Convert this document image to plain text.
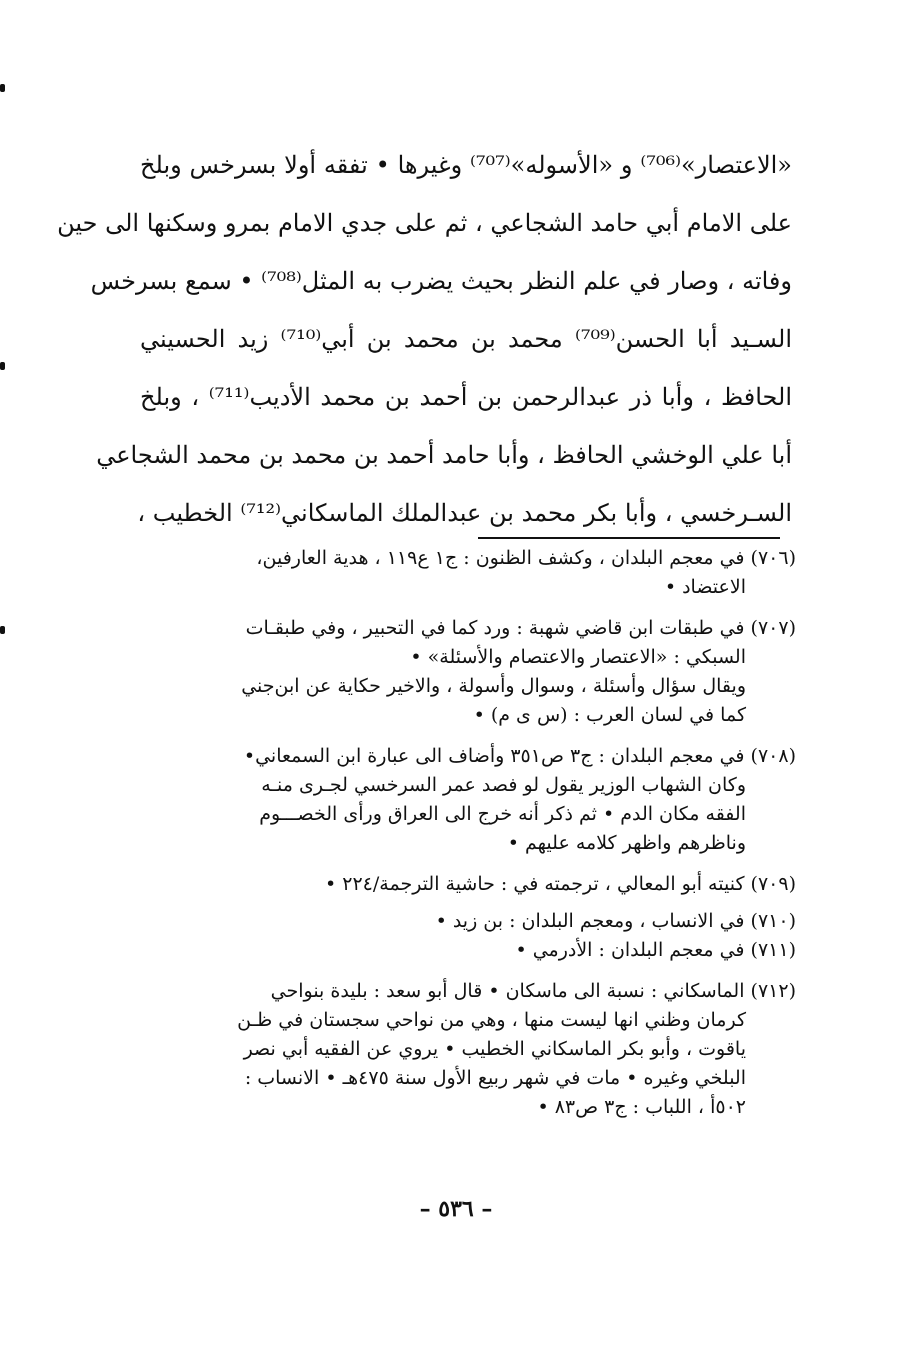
«الاعتصار»⁽⁷⁰⁶⁾ و «الأسوله»⁽⁷⁰⁷⁾ وغيرها • تفقه أولا بسرخس وبلخ
على الامام أبي حامد الشجاعي ، ثم على جدي الامام بمرو وسكنها الى حين
وفاته ، وصار في علم النظر بحيث يضرب به المثل⁽⁷⁰⁸⁾ • سمع بسرخس
السـيد أبا الحسن⁽⁷⁰⁹⁾ محمد بن محمد بن أبي⁽⁷¹⁰⁾ زيد الحسيني
الحافظ ، وأبا ذر عبدالرحمن بن أحمد بن محمد الأديب⁽⁷¹¹⁾ ، وبلخ
أبا علي الوخشي الحافظ ، وأبا حامد أحمد بن محمد بن محمد الشجاعي
السـرخسي ، وأبا بكر محمد بن عبدالملك الماسكاني⁽⁷¹²⁾ الخطيب ،
(٧٠٦) في معجم البلدان ، وكشف الظنون : ج١ ع١١٩ ، هدية العارفين،
الاعتضاد •
(٧٠٧) في طبقات ابن قاضي شهبة : ورد كما في التحبير ، وفي طبقـات
السبكي : «الاعتصار والاعتصام والأسئلة» •
ويقال سؤال وأسئلة ، وسوال وأسولة ، والاخير حكاية عن ابن‌جني
كما في لسان العرب : (س ى م) •
(٧٠٨) في معجم البلدان : ج٣ ص٣٥١ وأضاف الى عبارة ابن السمعاني•
وكان الشهاب الوزير يقول لو فصد عمر السرخسي لجـرى منـه
الفقه مكان الدم • ثم ذكر أنه خرج الى العراق ورأى الخصـــوم
وناظرهم واظهر كلامه عليهم •
(٧٠٩) كنيته أبو المعالي ، ترجمته في : حاشية الترجمة/٢٢٤ •
(٧١٠) في الانساب ، ومعجم البلدان : بن زيد •
(٧١١) في معجم البلدان : الأدرمي •
(٧١٢) الماسكاني : نسبة الى ماسكان • قال أبو سعد : بليدة بنواحي
كرمان وظني انها ليست منها ، وهي من نواحي سجستان في ظـن
ياقوت ، وأبو بكر الماسكاني الخطيب • يروي عن الفقيه أبي نصر
البلخي وغيره • مات في شهر ربيع الأول سنة ٤٧٥هـ • الانساب :
٥٠٢أ ، اللباب : ج٣ ص٨٣ •
– ٥٣٦ –
